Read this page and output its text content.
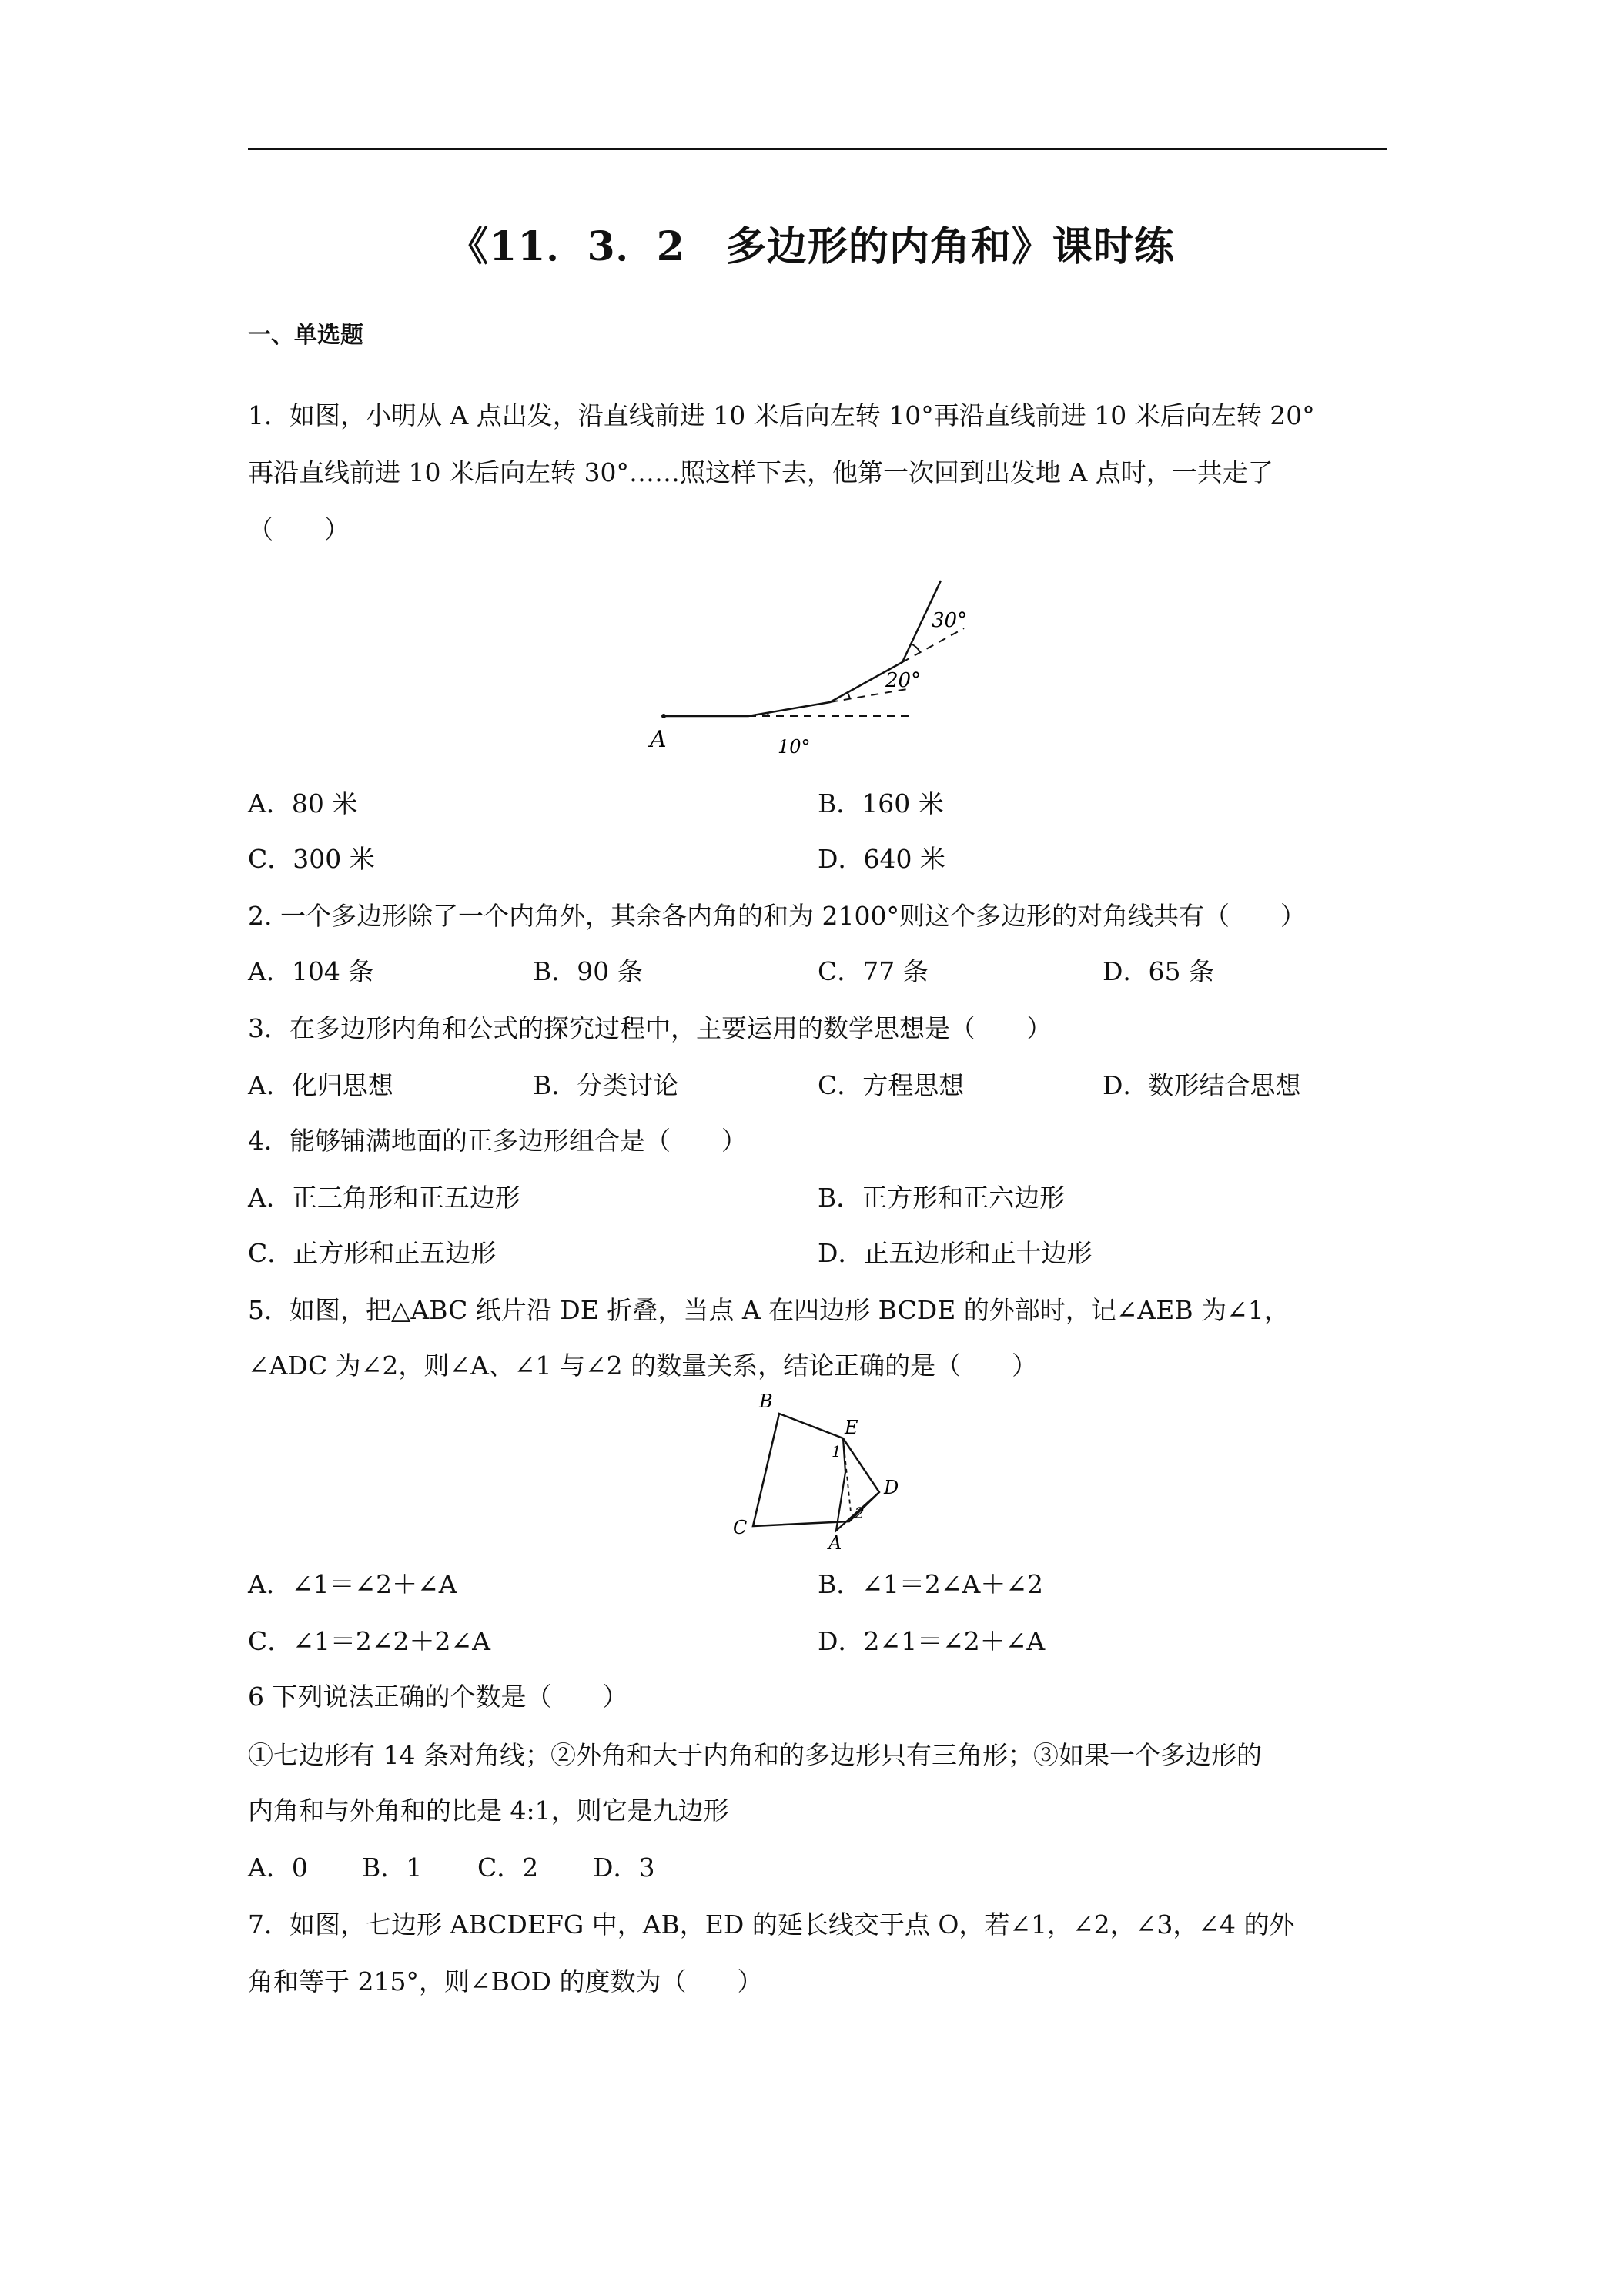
《11．3．2　多边形的内角和》课时练
一、单选题
1．如图，小明从 A 点出发，沿直线前进 10 米后向左转 10°再沿直线前进 10 米后向左转 20°
再沿直线前进 10 米后向左转 30°……照这样下去，他第一次回到出发地 A 点时，一共走了
（　　）
A	10°
20°
30°
A．80 米	B．160 米
C．300 米	D．640 米
2. 一个多边形除了一个内角外，其余各内角的和为 2100°则这个多边形的对角线共有（　　）
A．104 条	B．90 条	C．77 条	D．65 条
3．在多边形内角和公式的探究过程中，主要运用的数学思想是（　　）
A．化归思想	B．分类讨论	C．方程思想	D．数形结合思想
4．能够铺满地面的正多边形组合是（　　）
A．正三角形和正五边形	B．正方形和正六边形
C．正方形和正五边形	D．正五边形和正十边形
5．如图，把△ABC 纸片沿 DE 折叠，当点 A 在四边形 BCDE 的外部时，记∠AEB 为∠1，
∠ADC 为∠2，则∠A、∠1 与∠2 的数量关系，结论正确的是（　　）
B
C
E
D
A
1
2
A．∠1＝∠2＋∠A	B．∠1＝2∠A＋∠2
C．∠1＝2∠2＋2∠A	D．2∠1＝∠2＋∠A
6 下列说法正确的个数是（　　）
①七边形有 14 条对角线；②外角和大于内角和的多边形只有三角形；③如果一个多边形的
内角和与外角和的比是 4:1，则它是九边形
A．0 B．1 C．2 D．3
7．如图，七边形 ABCDEFG 中，AB，ED 的延长线交于点 O，若∠1，∠2，∠3，∠4 的外
角和等于 215°，则∠BOD 的度数为（　　）
